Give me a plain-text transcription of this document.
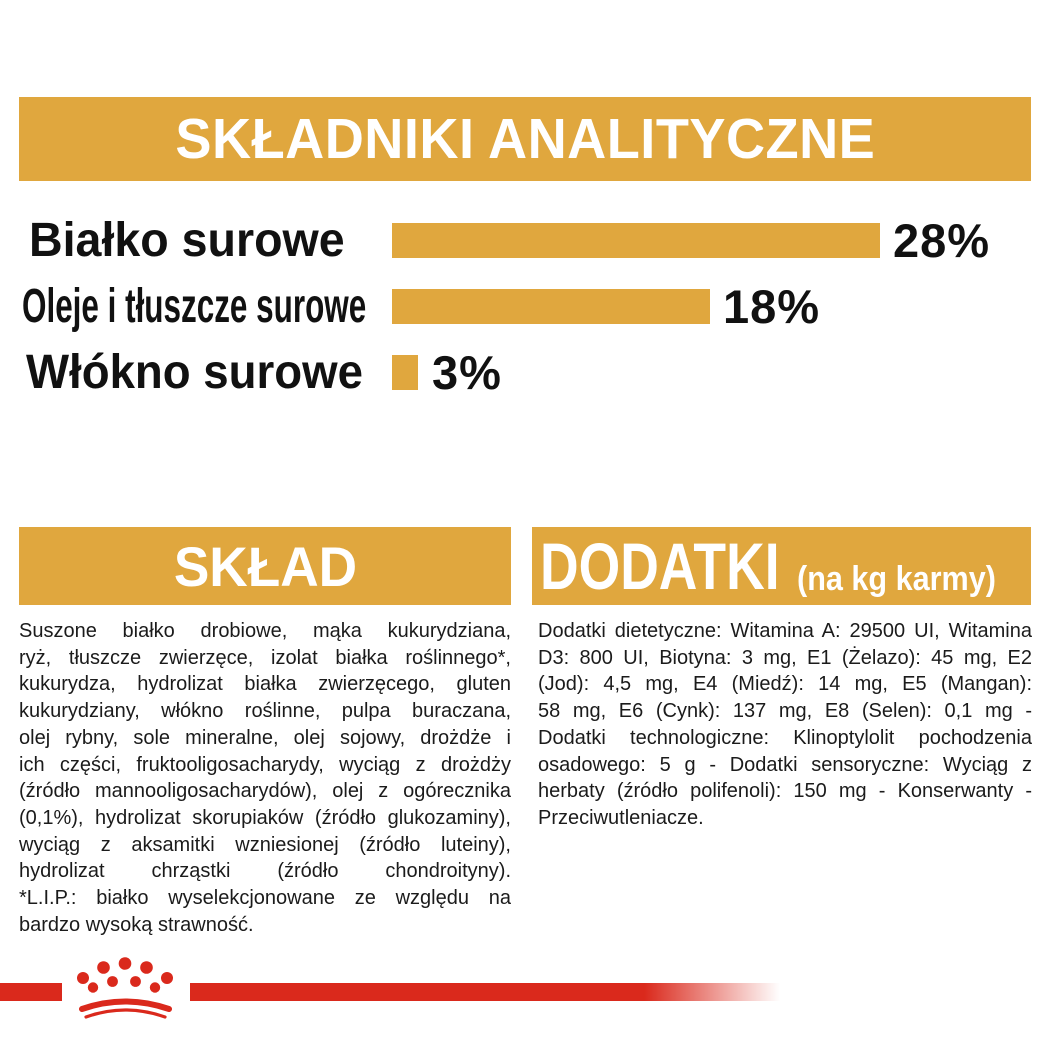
SKŁADNIKI ANALITYCZNE
Białko surowe	28%
Oleje i tłuszcze surowe	18%
Włókno surowe 3%
SKŁAD	DODATKI (na kg karmy)
Suszone białko drobiowe, mąka kukurydziana,
ryż, tłuszcze zwierzęce, izolat białka roślinnego*,
kukurydza, hydrolizat białka zwierzęcego, gluten
kukurydziany, włókno roślinne, pulpa buraczana,
olej rybny, sole mineralne, olej sojowy, drożdże i
ich części, fruktooligosacharydy, wyciąg z drożdży
(źródło mannooligosacharydów), olej z ogórecznika
(0,1%), hydrolizat skorupiaków (źródło glukozaminy),
wyciąg z aksamitki wzniesionej (źródło luteiny),
hydrolizat chrząstki (źródło chondroityny).
*L.I.P.: białko wyselekcjonowane ze względu na
bardzo wysoką strawność.
Dodatki dietetyczne: Witamina A: 29500 UI, Witamina
D3: 800 UI, Biotyna: 3 mg, E1 (Żelazo): 45 mg, E2
(Jod): 4,5 mg, E4 (Miedź): 14 mg, E5 (Mangan):
58 mg, E6 (Cynk): 137 mg, E8 (Selen): 0,1 mg -
Dodatki technologiczne: Klinoptylolit pochodzenia
osadowego: 5 g - Dodatki sensoryczne: Wyciąg z
herbaty (źródło polifenoli): 150 mg - Konserwanty -
Przeciwutleniacze.
